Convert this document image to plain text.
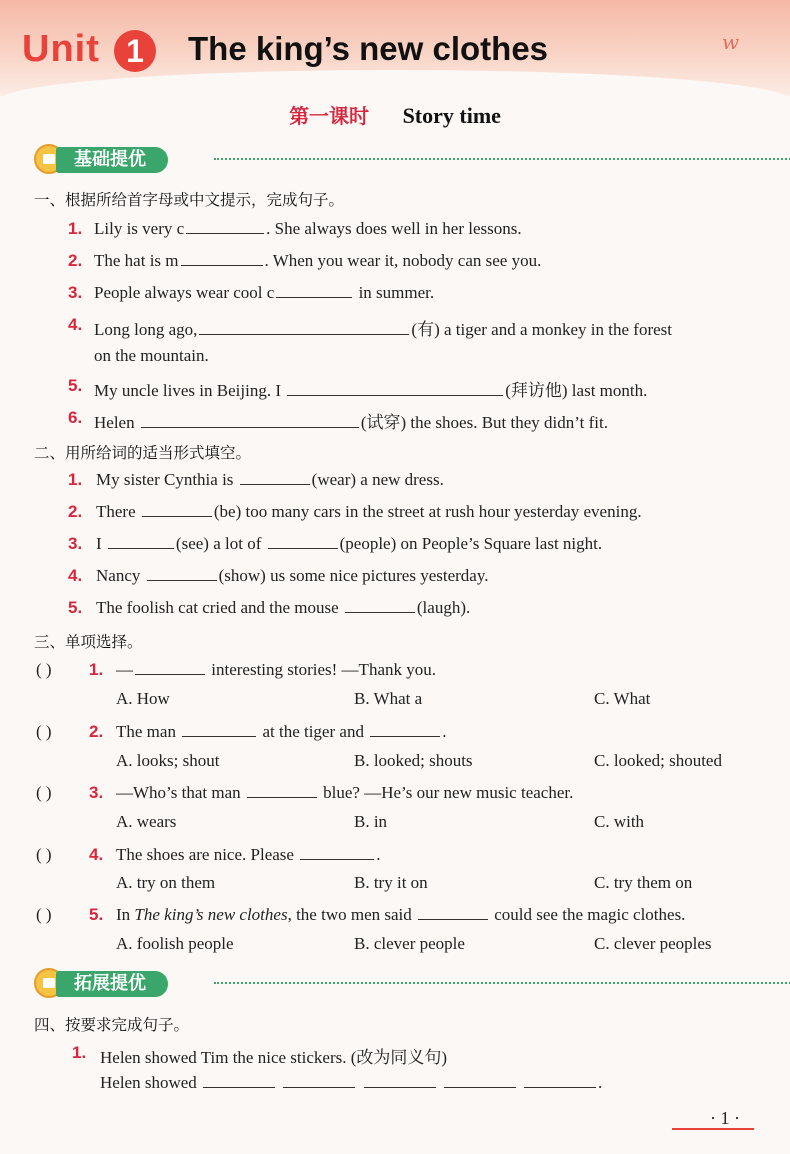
Unit 1	The king’s new clothes	w
第一课时 Story time
基础提优
一、根据所给首字母或中文提示，完成句子。
1. Lily is very c	. She always does well in her lessons.
2. The hat is m	. When you wear it, nobody can see you.
3. People always wear cool c	in summer.
4. Long long ago,	(有) a tiger and a monkey in the forest
on the mountain.
5. My uncle lives in Beijing. I	(拜访他) last month.
6. Helen	(试穿) the shoes. But they didn’t fit.
二、用所给词的适当形式填空。
1. My sister Cynthia is	(wear) a new dress.
2. There	(be) too many cars in the street at rush hour yesterday evening.
3. I	(see) a lot of	(people) on People’s Square last night.
4. Nancy	(show) us some nice pictures yesterday.
5. The foolish cat cried and the mouse	(laugh).
三、单项选择。
( ) 1. —	interesting stories! —Thank you.
A. How	B. What a	C. What
( ) 2. The man	at the tiger and	.
A. looks; shout	B. looked; shouts	C. looked; shouted
( ) 3. —Who’s that man	blue? —He’s our new music teacher.
A. wears	B. in	C. with
( ) 4. The shoes are nice. Please	.
A. try on them	B. try it on	C. try them on
( ) 5. In The king’s new clothes, the two men said	could see the magic clothes.
A. foolish people	B. clever people	C. clever peoples
拓展提优
四、按要求完成句子。
1. Helen showed Tim the nice stickers. (改为同义句)
Helen showed	.
· 1 ·
